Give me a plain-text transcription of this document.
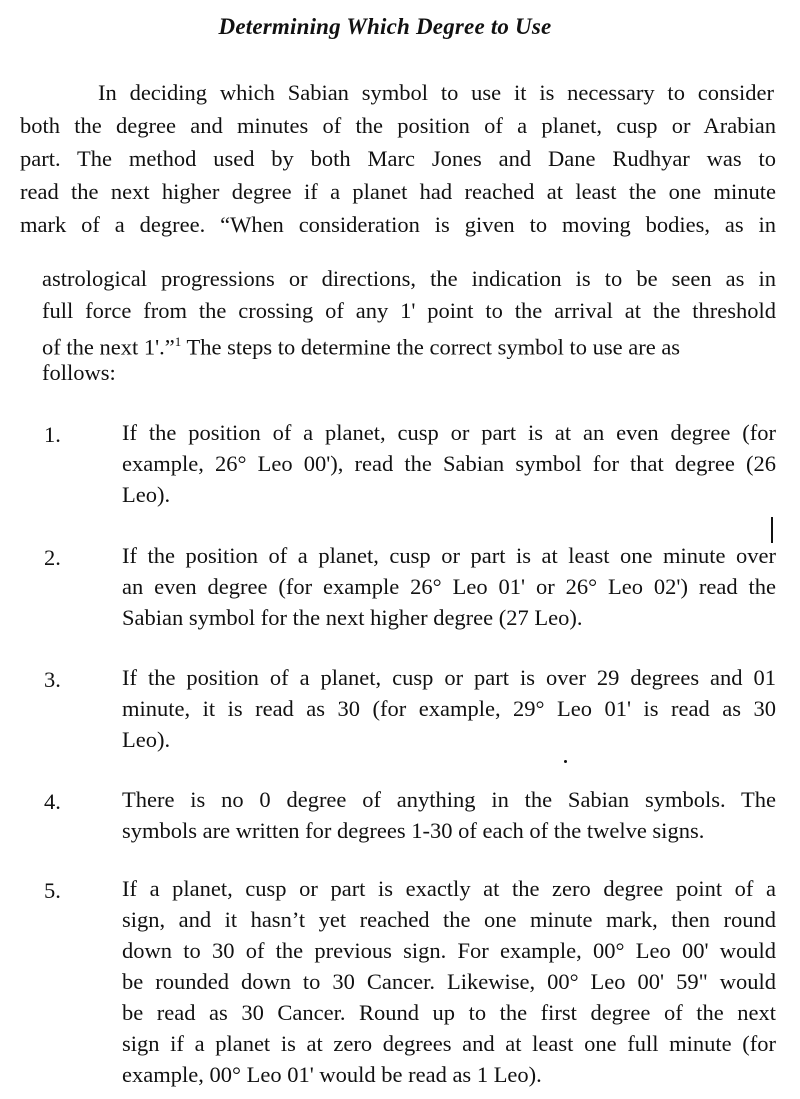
Determining Which Degree to Use
In deciding which Sabian symbol to use it is necessary to consider
both the degree and minutes of the position of a planet, cusp or Arabian
part. The method used by both Marc Jones and Dane Rudhyar was to
read the next higher degree if a planet had reached at least the one minute
mark of a degree. “When consideration is given to moving bodies, as in
astrological progressions or directions, the indication is to be seen as in
full force from the crossing of any 1' point to the arrival at the threshold
of the next 1'.”$^1$ The steps to determine the correct symbol to use are as
follows:
1.	If the position of a planet, cusp or part is at an even degree (for
example, 26° Leo 00'), read the Sabian symbol for that degree (26
Leo).
2.	If the position of a planet, cusp or part is at least one minute over
an even degree (for example 26° Leo 01' or 26° Leo 02') read the
Sabian symbol for the next higher degree (27 Leo).
3.	If the position of a planet, cusp or part is over 29 degrees and 01
minute, it is read as 30 (for example, 29° Leo 01' is read as 30
Leo).
4.	There is no 0 degree of anything in the Sabian symbols. The
symbols are written for degrees 1-30 of each of the twelve signs.
5.	If a planet, cusp or part is exactly at the zero degree point of a
sign, and it hasn’t yet reached the one minute mark, then round
down to 30 of the previous sign. For example, 00° Leo 00' would
be rounded down to 30 Cancer. Likewise, 00° Leo 00' 59" would
be read as 30 Cancer. Round up to the first degree of the next
sign if a planet is at zero degrees and at least one full minute (for
example, 00° Leo 01' would be read as 1 Leo).
